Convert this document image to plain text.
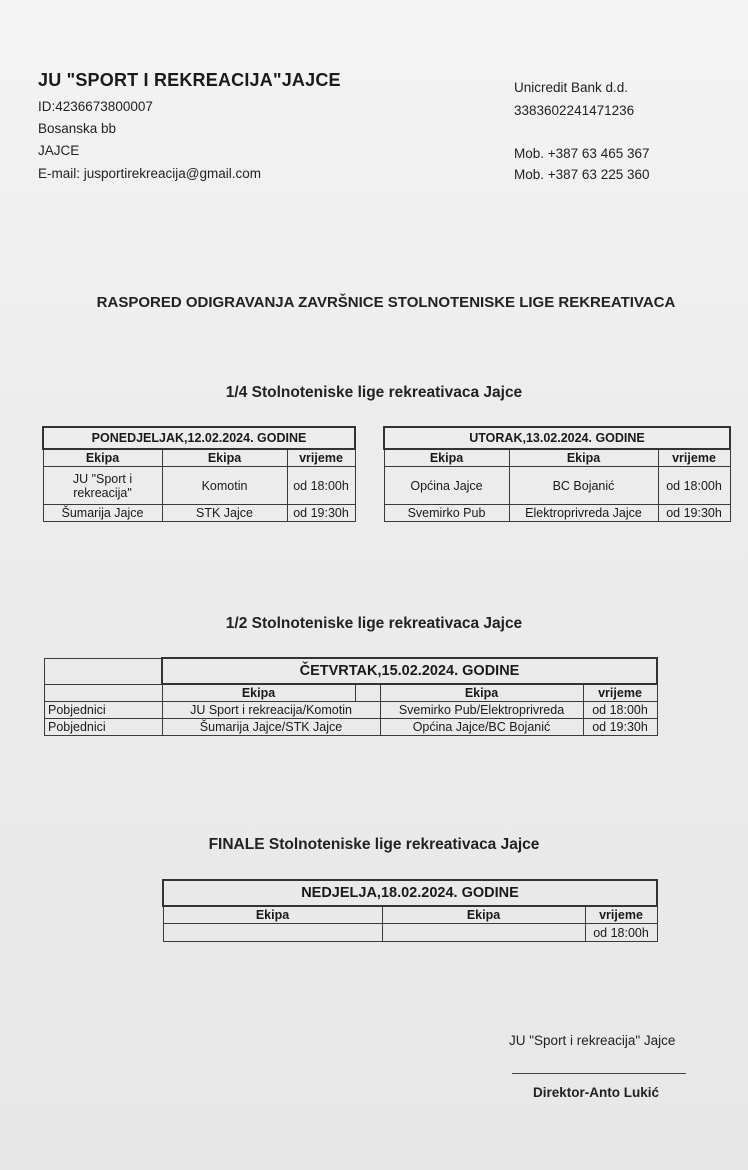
JU "SPORT I REKREACIJA"JAJCE
ID:4236673800007
Bosanska bb
JAJCE
E-mail: jusportirekreacija@gmail.com
Unicredit Bank d.d.
3383602241471236
Mob. +387 63 465 367
Mob. +387 63 225 360
RASPORED ODIGRAVANJA ZAVRŠNICE STOLNOTENISKE LIGE REKREATIVACA
1/4 Stolnoteniske lige rekreativaca Jajce
PONEDJELJAK,12.02.2024. GODINE		
Ekipa	Ekipa	vrijeme
JU "Sport i rekreacija"	Komotin	od 18:00h
Šumarija Jajce	STK Jajce	od 19:30h
UTORAK,13.02.2024. GODINE		
Ekipa	Ekipa	vrijeme
Općina Jajce	BC Bojanić	od 18:00h
Svemirko Pub	Elektroprivreda Jajce	od 19:30h
1/2 Stolnoteniske lige rekreativaca Jajce
	ČETVRTAK,15.02.2024. GODINE			
	Ekipa		Ekipa	vrijeme
Pobjednici	JU Sport i rekreacija/Komotin		Svemirko Pub/Elektroprivreda	od 18:00h
Pobjednici	Šumarija Jajce/STK Jajce		Općina Jajce/BC Bojanić	od 19:30h
FINALE Stolnoteniske lige rekreativaca Jajce
NEDJELJA,18.02.2024. GODINE		
Ekipa	Ekipa	vrijeme
		od 18:00h
JU "Sport i rekreacija" Jajce
Direktor-Anto Lukić
